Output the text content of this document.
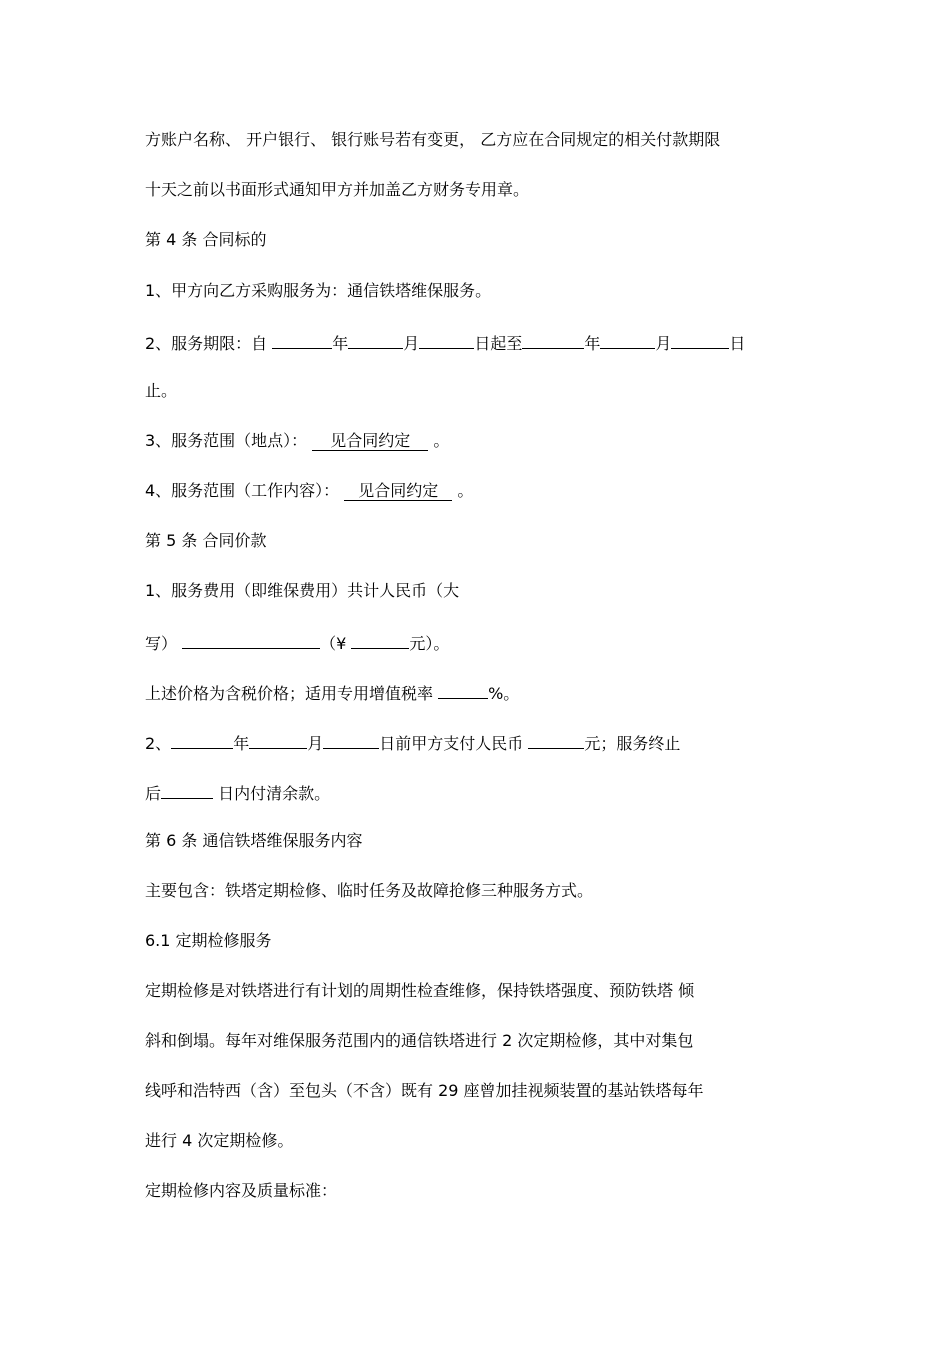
方账户名称、 开户银行、 银行账号若有变更， 乙方应在合同规定的相关付款期限
十天之前以书面形式通知甲方并加盖乙方财务专用章。
第 4 条 合同标的
1、甲方向乙方采购服务为：通信铁塔维保服务。
2、服务期限：自	年	月	日起至	年	月	日
止。
3、服务范围（地点）： 见合同约定 。
4、服务范围（工作内容）： 见合同约定 。
第 5 条 合同价款
1、服务费用（即维保费用）共计人民币（大
写）	（¥	元）。
上述价格为含税价格；适用专用增值税率	%。
2、	年	月	日前甲方支付人民币	元；服务终止
后	日内付清余款。
第 6 条 通信铁塔维保服务内容
主要包含：铁塔定期检修、临时任务及故障抢修三种服务方式。
6.1 定期检修服务
定期检修是对铁塔进行有计划的周期性检查维修，保持铁塔强度、预防铁塔 倾
斜和倒塌。每年对维保服务范围内的通信铁塔进行 2 次定期检修，其中对集包
线呼和浩特西（含）至包头（不含）既有 29 座曾加挂视频装置的基站铁塔每年
进行 4 次定期检修。
定期检修内容及质量标准：
